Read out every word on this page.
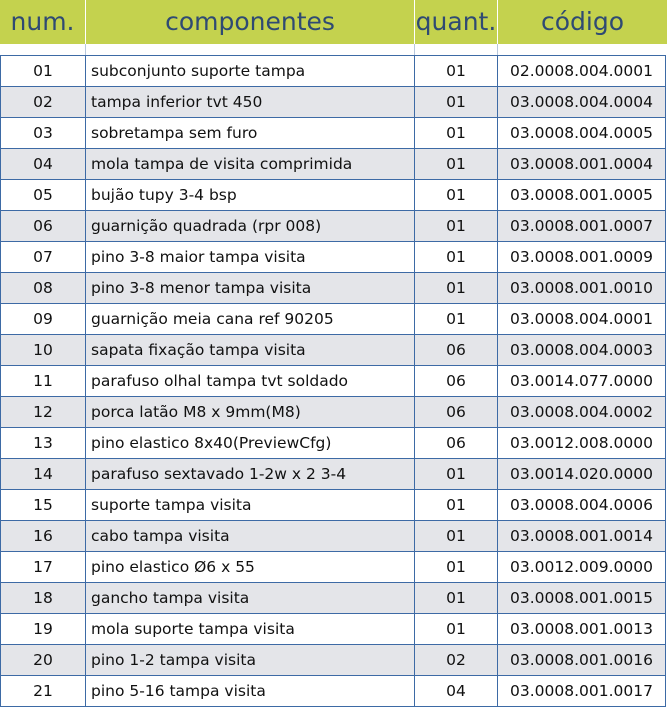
num.	componentes	quant.	código
01	subconjunto suporte tampa	01	02.0008.004.0001
02	tampa inferior tvt 450	01	03.0008.004.0004
03	sobretampa sem furo	01	03.0008.004.0005
04	mola tampa de visita comprimida	01	03.0008.001.0004
05	bujão tupy 3-4 bsp	01	03.0008.001.0005
06	guarnição quadrada (rpr 008)	01	03.0008.001.0007
07	pino 3-8 maior tampa visita	01	03.0008.001.0009
08	pino 3-8 menor tampa visita	01	03.0008.001.0010
09	guarnição meia cana ref 90205	01	03.0008.004.0001
10	sapata fixação tampa visita	06	03.0008.004.0003
11	parafuso olhal tampa tvt soldado	06	03.0014.077.0000
12	porca latão M8 x 9mm(M8)	06	03.0008.004.0002
13	pino elastico 8x40(PreviewCfg)	06	03.0012.008.0000
14	parafuso sextavado 1-2w x 2 3-4	01	03.0014.020.0000
15	suporte tampa visita	01	03.0008.004.0006
16	cabo tampa visita	01	03.0008.001.0014
17	pino elastico Ø6 x 55	01	03.0012.009.0000
18	gancho tampa visita	01	03.0008.001.0015
19	mola suporte tampa visita	01	03.0008.001.0013
20	pino 1-2 tampa visita	02	03.0008.001.0016
21	pino 5-16 tampa visita	04	03.0008.001.0017
